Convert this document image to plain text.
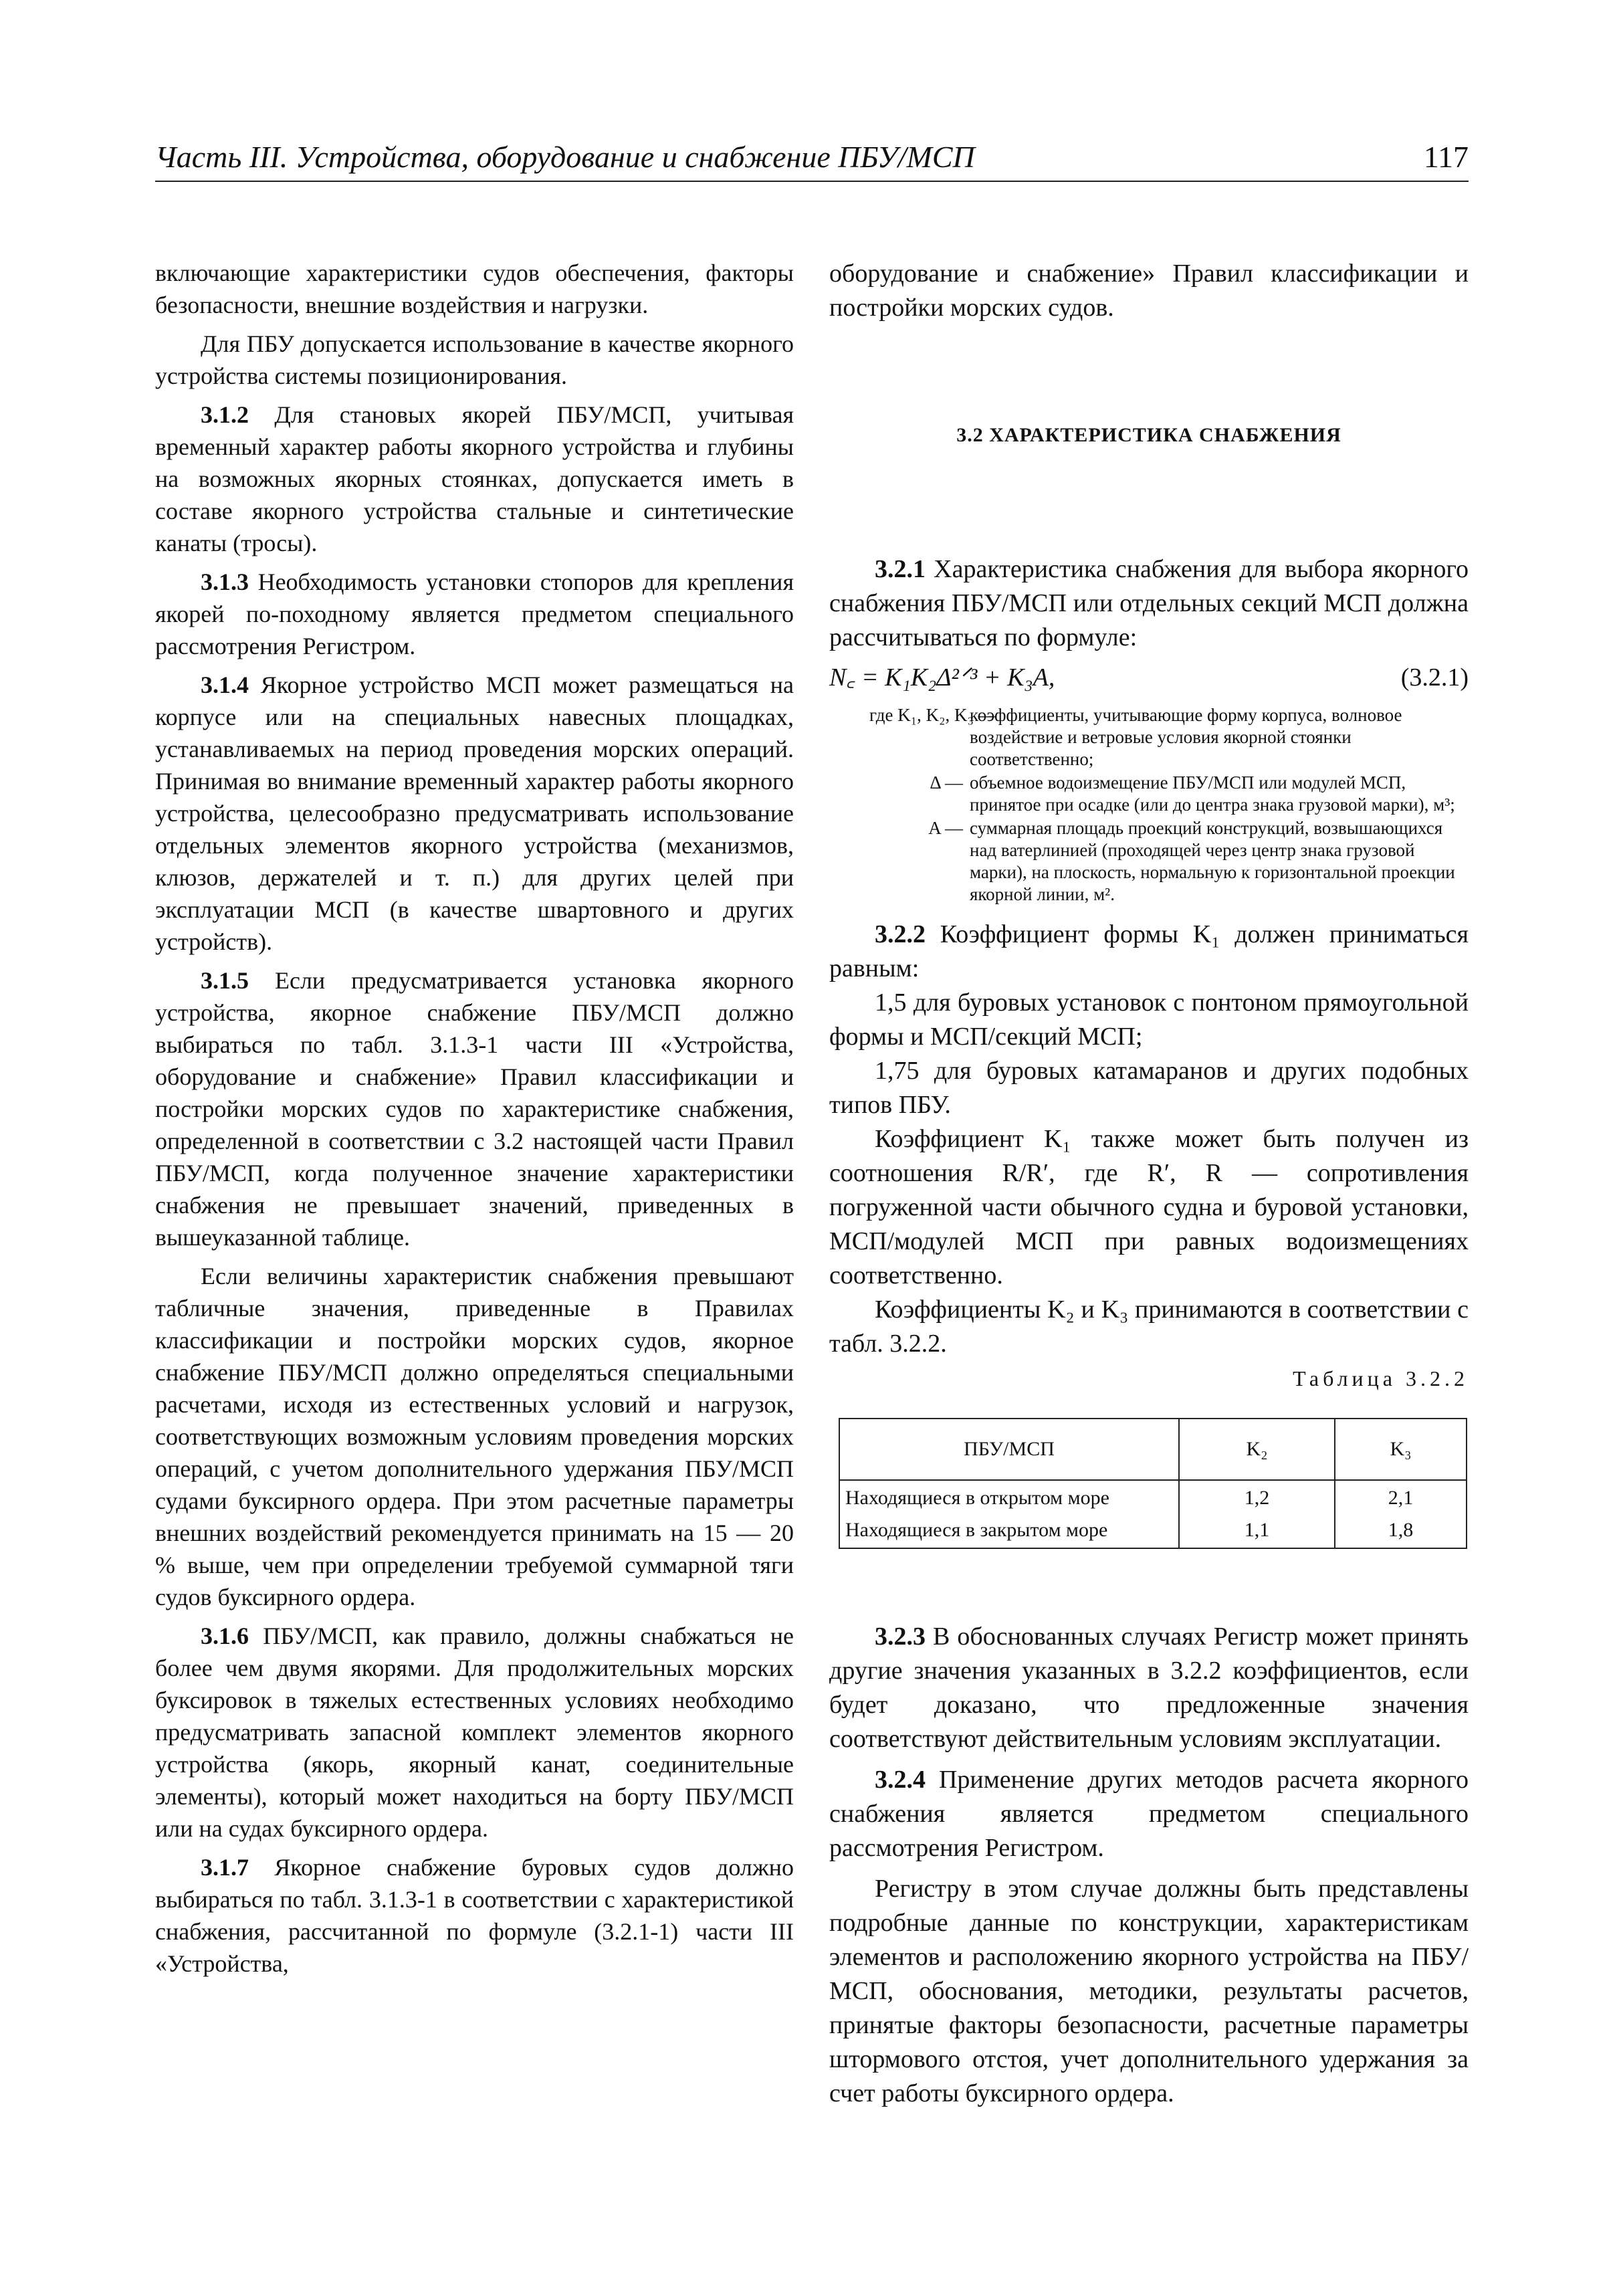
Часть III. Устройства, оборудование и снабжение ПБУ/МСП	117

включающие характеристики судов обеспечения, факторы безопасности, внешние воздействия и нагрузки.

Для ПБУ допускается использование в качестве якорного устройства системы позиционирования.

3.1.2 Для становых якорей ПБУ/МСП, учитывая временный характер работы якорного устройства и глубины на возможных якорных стоянках, допускается иметь в составе якорного устройства стальные и синтетические канаты (тросы).

3.1.3 Необходимость установки стопоров для крепления якорей по-походному является предметом специального рассмотрения Регистром.

3.1.4 Якорное устройство МСП может размещаться на корпусе или на специальных навесных площадках, устанавливаемых на период проведения морских операций. Принимая во внимание временный характер работы якорного устройства, целесообразно предусматривать использование отдельных элементов якорного устройства (механизмов, клюзов, держателей и т. п.) для других целей при эксплуатации МСП (в качестве швартовного и других устройств).

3.1.5 Если предусматривается установка якорного устройства, якорное снабжение ПБУ/МСП должно выбираться по табл. 3.1.3-1 части III «Устройства, оборудование и снабжение» Правил классификации и постройки морских судов по характеристике снабжения, определенной в соответствии с 3.2 настоящей части Правил ПБУ/МСП, когда полученное значение характеристики снабжения не превышает значений, приведенных в вышеуказанной таблице.

Если величины характеристик снабжения превышают табличные значения, приведенные в Правилах классификации и постройки морских судов, якорное снабжение ПБУ/МСП должно определяться специальными расчетами, исходя из естественных условий и нагрузок, соответствующих возможным условиям проведения морских операций, с учетом дополнительного удержания ПБУ/МСП судами буксирного ордера. При этом расчетные параметры внешних воздействий рекомендуется принимать на 15 — 20 % выше, чем при определении требуемой суммарной тяги судов буксирного ордера.

3.1.6 ПБУ/МСП, как правило, должны снабжаться не более чем двумя якорями. Для продолжительных морских буксировок в тяжелых естественных условиях необходимо предусматривать запасной комплект элементов якорного устройства (якорь, якорный канат, соединительные элементы), который может находиться на борту ПБУ/МСП или на судах буксирного ордера.

3.1.7 Якорное снабжение буровых судов должно выбираться по табл. 3.1.3-1 в соответствии с характеристикой снабжения, рассчитанной по формуле (3.2.1-1) части III «Устройства,

оборудование и снабжение» Правил классификации и постройки морских судов.

3.2 ХАРАКТЕРИСТИКА СНАБЖЕНИЯ

3.2.1 Характеристика снабжения для выбора якорного снабжения ПБУ/МСП или отдельных секций МСП должна рассчитываться по формуле:

N꜀ = K₁K₂Δ²ᐟ³ + K₃A,	(3.2.1)
где K₁, K₂, K₃ —
коэффициенты, учитывающие форму корпуса, волновое воздействие и ветровые условия якорной стоянки соответственно;
Δ — объемное водоизмещение ПБУ/МСП или модулей МСП, принятое при осадке (или до центра знака грузовой марки), м³;
A — суммарная площадь проекций конструкций, возвышающихся над ватерлинией (проходящей через центр знака грузовой марки), на плоскость, нормальную к горизонтальной проекции якорной линии, м².

3.2.2 Коэффициент формы K₁ должен приниматься равным:

1,5 для буровых установок с понтоном прямоугольной формы и МСП/секций МСП;

1,75 для буровых катамаранов и других подобных типов ПБУ.

Коэффициент K₁ также может быть получен из соотношения R/R′, где R′, R — сопротивления погруженной части обычного судна и буровой установки, МСП/модулей МСП при равных водоизмещениях соответственно.

Коэффициенты K₂ и K₃ принимаются в соответствии с табл. 3.2.2.

Таблица 3.2.2
ПБУ/МСП	K₂	K₃
Находящиеся в открытом море	1,2	2,1
Находящиеся в закрытом море	1,1	1,8

3.2.3 В обоснованных случаях Регистр может принять другие значения указанных в 3.2.2 коэффициентов, если будет доказано, что предложенные значения соответствуют действительным условиям эксплуатации.

3.2.4 Применение других методов расчета якорного снабжения является предметом специального рассмотрения Регистром.

Регистру в этом случае должны быть представлены подробные данные по конструкции, характеристикам элементов и расположению якорного устройства на ПБУ/МСП, обоснования, методики, результаты расчетов, принятые факторы безопасности, расчетные параметры штормового отстоя, учет дополнительного удержания за счет работы буксирного ордера.
